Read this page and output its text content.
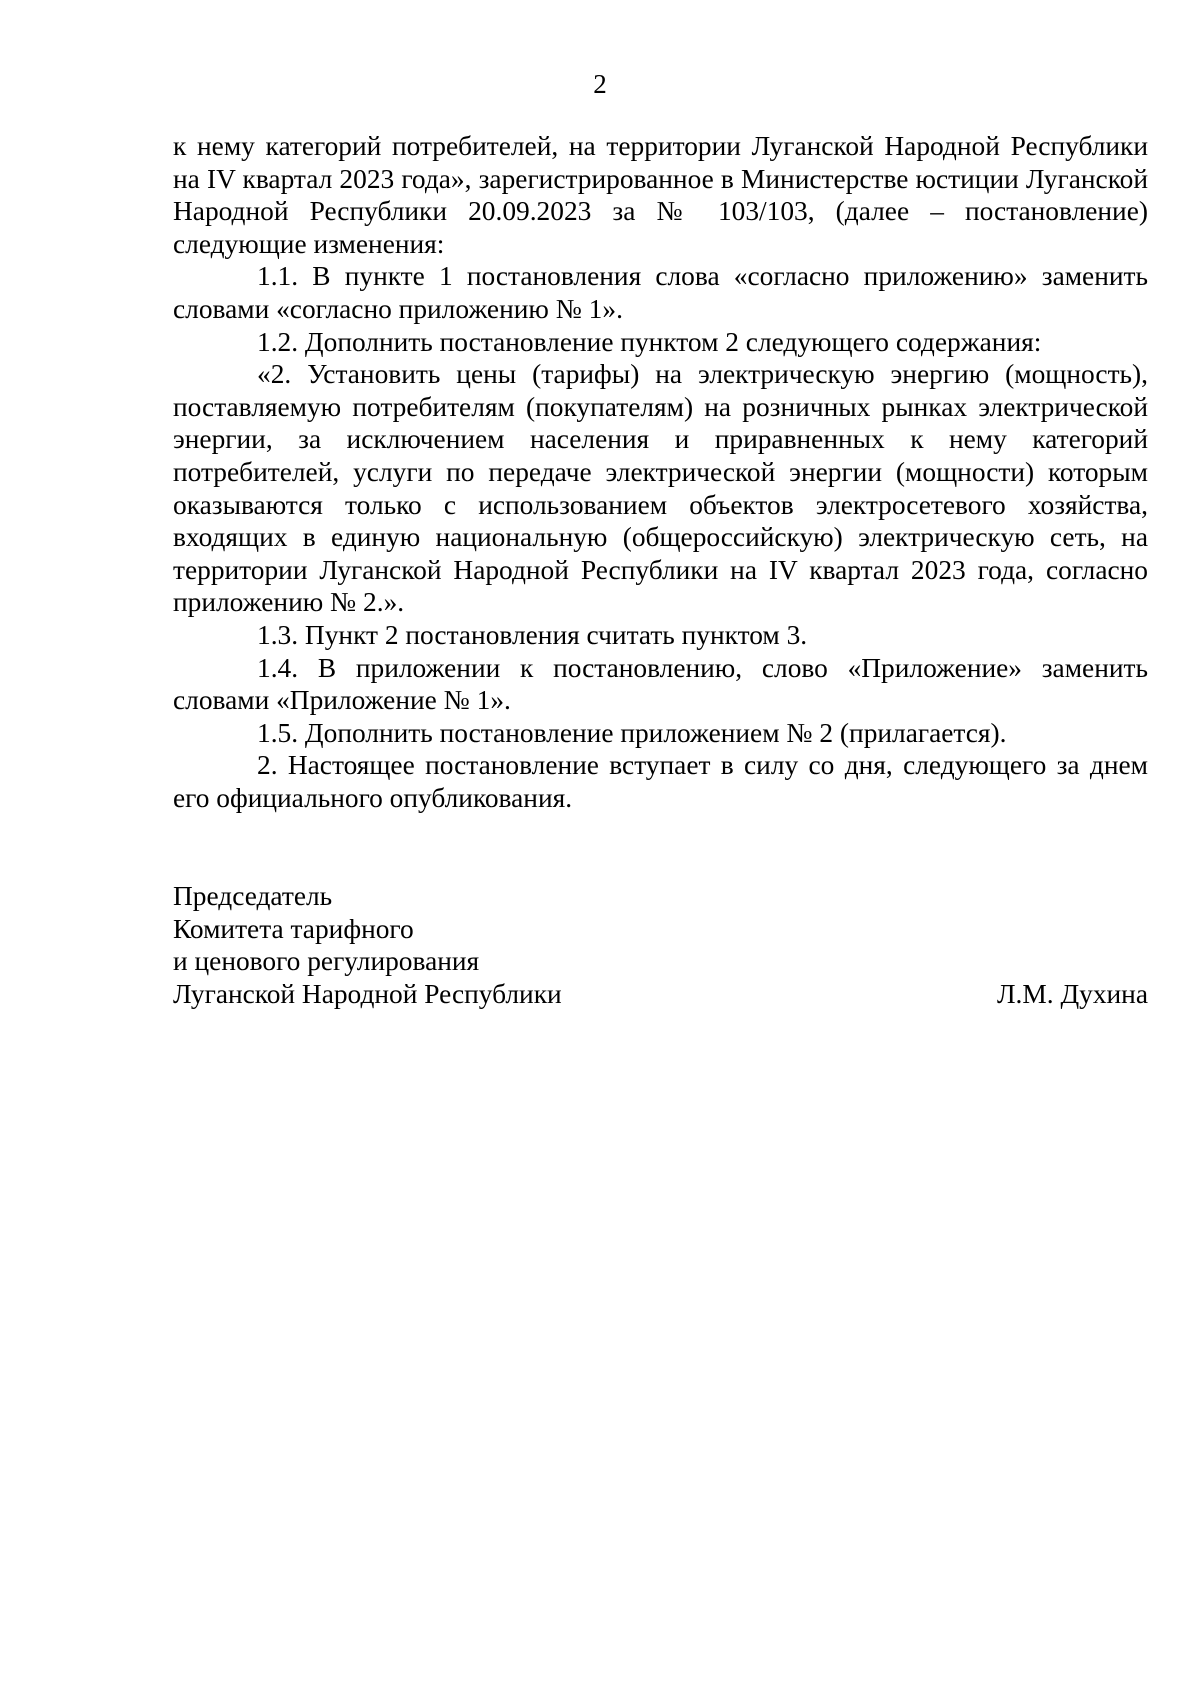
2

к нему категорий потребителей, на территории Луганской Народной Республики на IV квартал 2023 года», зарегистрированное в Министерстве юстиции Луганской Народной Республики 20.09.2023 за № 103/103, (далее – постановление) следующие изменения:

1.1. В пункте 1 постановления слова «согласно приложению» заменить словами «согласно приложению № 1».

1.2. Дополнить постановление пунктом 2 следующего содержания:

«2. Установить цены (тарифы) на электрическую энергию (мощность), поставляемую потребителям (покупателям) на розничных рынках электрической энергии, за исключением населения и приравненных к нему категорий потребителей, услуги по передаче электрической энергии (мощности) которым оказываются только с использованием объектов электросетевого хозяйства, входящих в единую национальную (общероссийскую) электрическую сеть, на территории Луганской Народной Республики на IV квартал 2023 года, согласно приложению № 2.».

1.3. Пункт 2 постановления считать пунктом 3.

1.4. В приложении к постановлению, слово «Приложение» заменить словами «Приложение № 1».

1.5. Дополнить постановление приложением № 2 (прилагается).

2. Настоящее постановление вступает в силу со дня, следующего за днем его официального опубликования.

Председатель
Комитета тарифного
и ценового регулирования
Луганской Народной Республики	Л.М. Духина
